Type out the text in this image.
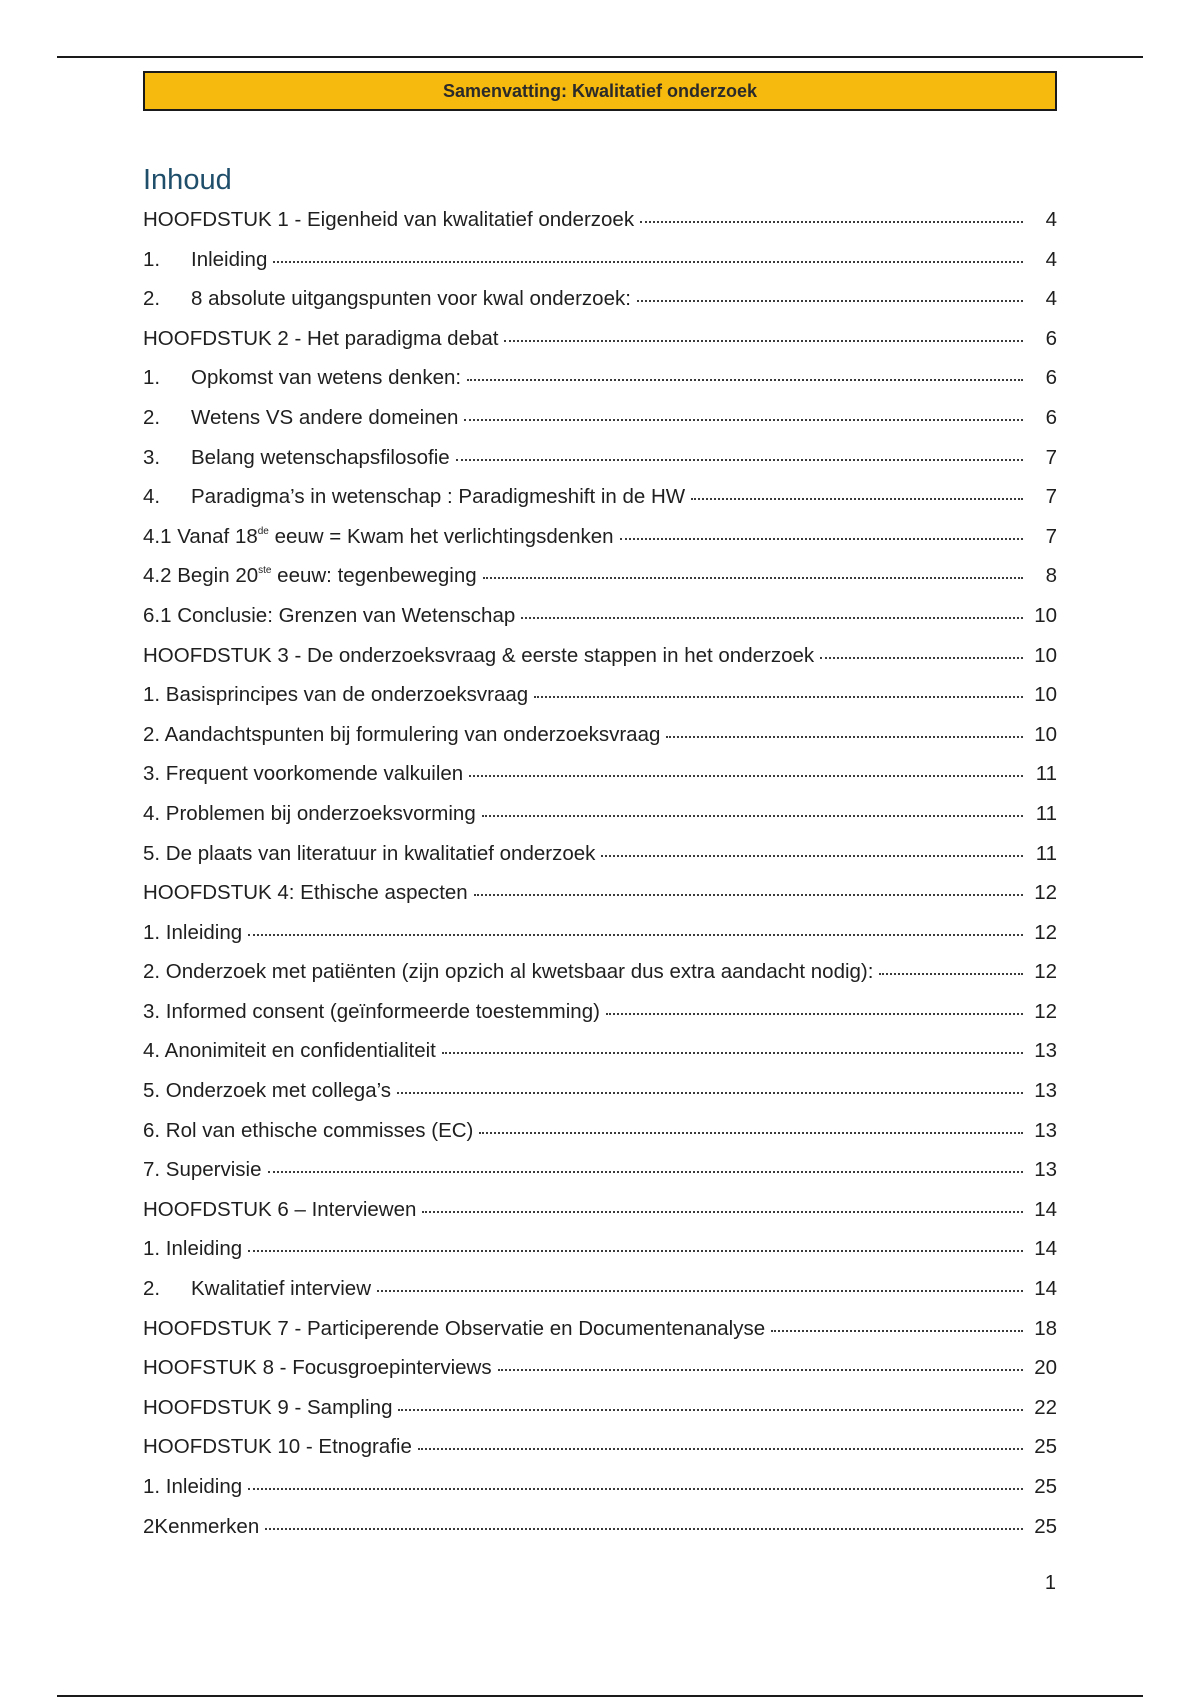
Samenvatting: Kwalitatief onderzoek
Inhoud
HOOFDSTUK 1 - Eigenheid van kwalitatief onderzoek	4
1.	Inleiding	4
2.	8 absolute uitgangspunten voor kwal onderzoek:	4
HOOFDSTUK 2 - Het paradigma debat	6
1.	Opkomst van wetens denken:	6
2.	Wetens VS andere domeinen	6
3.	Belang wetenschapsfilosofie	7
4.	Paradigma’s in wetenschap : Paradigmeshift in de HW	7
4.1 Vanaf 18de eeuw = Kwam het verlichtingsdenken	7
4.2 Begin 20ste eeuw: tegenbeweging	8
6.1 Conclusie: Grenzen van Wetenschap	10
HOOFDSTUK 3 - De onderzoeksvraag & eerste stappen in het onderzoek	10
1. Basisprincipes van de onderzoeksvraag	10
2. Aandachtspunten bij formulering van onderzoeksvraag	10
3. Frequent voorkomende valkuilen	11
4. Problemen bij onderzoeksvorming	11
5. De plaats van literatuur in kwalitatief onderzoek	11
HOOFDSTUK 4: Ethische aspecten	12
1. Inleiding	12
2. Onderzoek met patiënten (zijn opzich al kwetsbaar dus extra aandacht nodig):	12
3. Informed consent (geïnformeerde toestemming)	12
4. Anonimiteit en confidentialiteit	13
5. Onderzoek met collega’s	13
6. Rol van ethische commisses (EC)	13
7. Supervisie	13
HOOFDSTUK 6 – Interviewen	14
1. Inleiding	14
2.	Kwalitatief interview	14
HOOFDSTUK 7 - Participerende Observatie en Documentenanalyse	18
HOOFSTUK 8 - Focusgroepinterviews	20
HOOFDSTUK 9 - Sampling	22
HOOFDSTUK 10 - Etnografie	25
1. Inleiding	25
2Kenmerken	25
1
